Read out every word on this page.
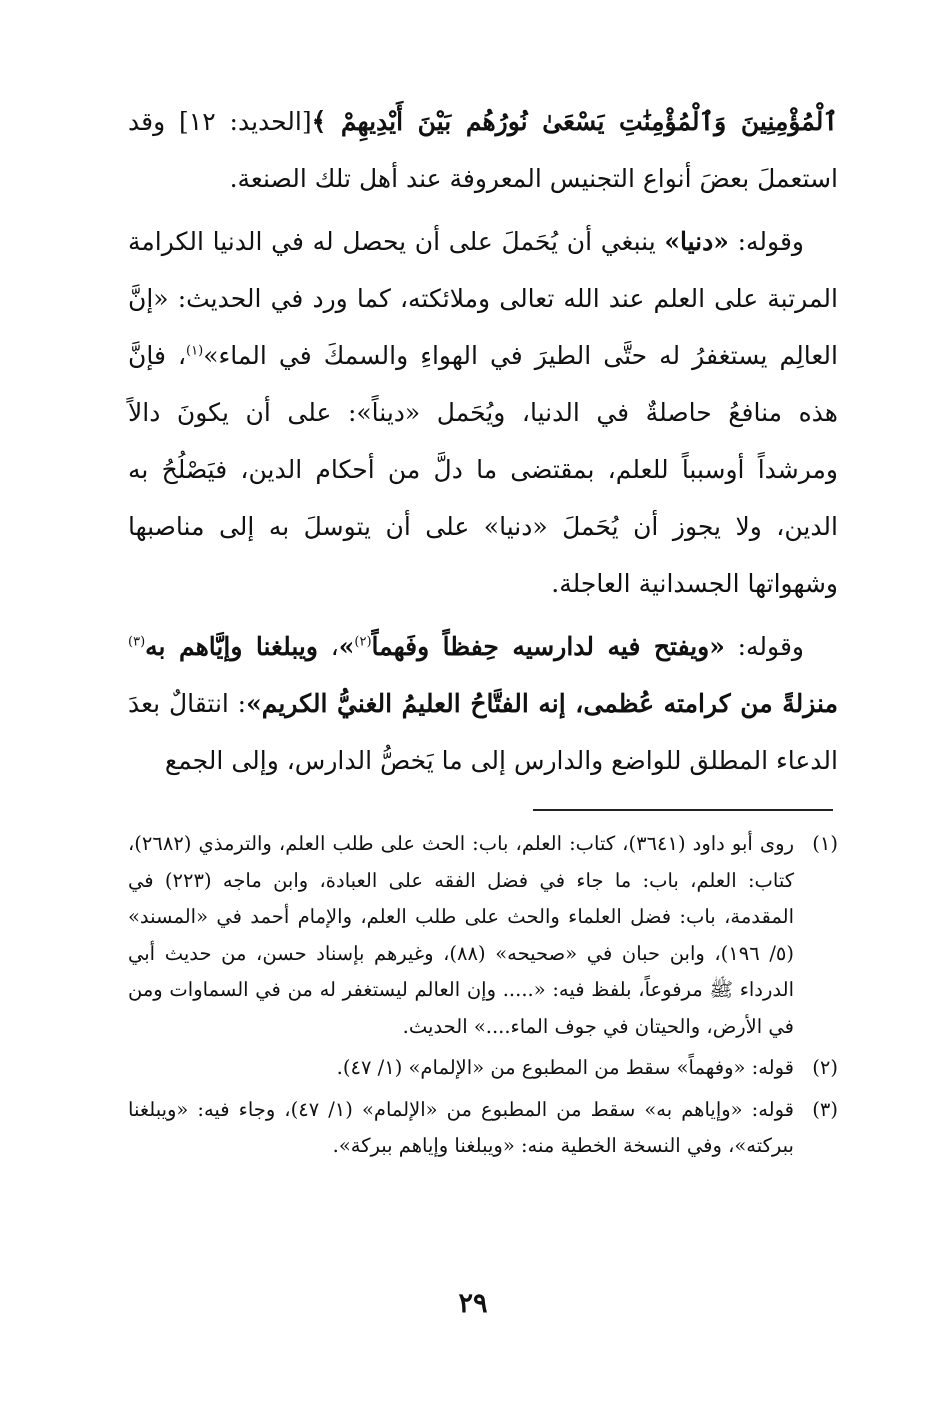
ٱلْمُؤْمِنِينَ وَٱلْمُؤْمِنَٰتِ يَسْعَىٰ نُورُهُم بَيْنَ أَيْدِيهِمْ ﴾[الحديد: ١٢] وقد استعملَ بعضَ أنواع التجنيس المعروفة عند أهل تلك الصنعة.

وقوله: «دنيا» ينبغي أن يُحَملَ على أن يحصل له في الدنيا الكرامة المرتبة على العلم عند الله تعالى وملائكته، كما ورد في الحديث: «إنَّ العالِم يستغفرُ له حتَّى الطيرَ في الهواءِ والسمكَ في الماء»$^{(١)}$، فإنَّ هذه منافعُ حاصلةٌ في الدنيا، ويُحَمل «ديناً»: على أن يكونَ دالاً ومرشداً أوسبباً للعلم، بمقتضى ما دلَّ من أحكام الدين، فيَصْلُحُ به الدين، ولا يجوز أن يُحَملَ «دنيا» على أن يتوسلَ به إلى مناصبها وشهواتها الجسدانية العاجلة.

وقوله: «ويفتح فيه لدارسيه حِفظاً وفَهماً$^{(٢)}$»، ويبلغنا وإيَّاهم به$^{(٣)}$ منزلةً من كرامته عُظمى، إنه الفتَّاحُ العليمُ الغنيُّ الكريم»: انتقالٌ بعدَ الدعاء المطلق للواضع والدارس إلى ما يَخصُّ الدارس، وإلى الجمع

(١)
روى أبو داود (٣٦٤١)، كتاب: العلم، باب: الحث على طلب العلم، والترمذي (٢٦٨٢)، كتاب: العلم، باب: ما جاء في فضل الفقه على العبادة، وابن ماجه (٢٢٣) في المقدمة، باب: فضل العلماء والحث على طلب العلم، والإمام أحمد في «المسند» (٥/ ١٩٦)، وابن حبان في «صحيحه» (٨٨)، وغيرهم بإسناد حسن، من حديث أبي الدرداء ﷺ مرفوعاً، بلفظ فيه: «..... وإن العالم ليستغفر له من في السماوات ومن في الأرض، والحيتان في جوف الماء....» الحديث.
(٢)
قوله: «وفهماً» سقط من المطبوع من «الإلمام» (١/ ٤٧).
(٣)
قوله: «وإياهم به» سقط من المطبوع من «الإلمام» (١/ ٤٧)، وجاء فيه: «ويبلغنا ببركته»، وفي النسخة الخطية منه: «ويبلغنا وإياهم ببركة».
٢٩
